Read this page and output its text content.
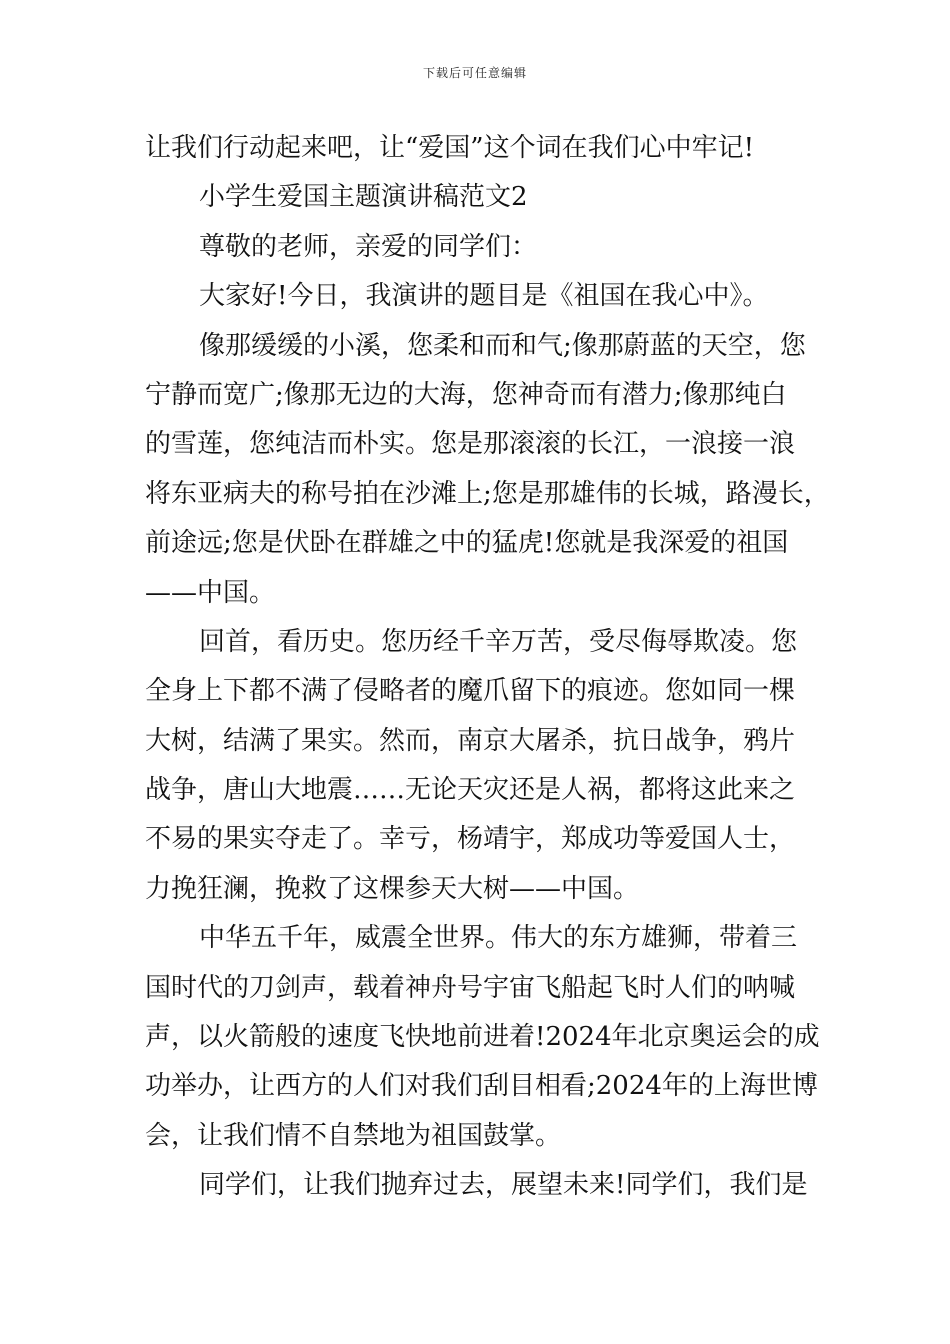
下载后可任意编辑
让我们行动起来吧，让“爱国”这个词在我们心中牢记!
小学生爱国主题演讲稿范文2
尊敬的老师，亲爱的同学们：
大家好!今日，我演讲的题目是《祖国在我心中》。
像那缓缓的小溪，您柔和而和气;像那蔚蓝的天空，您
宁静而宽广;像那无边的大海，您神奇而有潜力;像那纯白
的雪莲，您纯洁而朴实。您是那滚滚的长江，一浪接一浪
将东亚病夫的称号拍在沙滩上;您是那雄伟的长城，路漫长，
前途远;您是伏卧在群雄之中的猛虎!您就是我深爱的祖国
——中国。
回首，看历史。您历经千辛万苦，受尽侮辱欺凌。您
全身上下都不满了侵略者的魔爪留下的痕迹。您如同一棵
大树，结满了果实。然而，南京大屠杀，抗日战争，鸦片
战争，唐山大地震……无论天灾还是人祸，都将这此来之
不易的果实夺走了。幸亏，杨靖宇，郑成功等爱国人士，
力挽狂澜，挽救了这棵参天大树——中国。
中华五千年，威震全世界。伟大的东方雄狮，带着三
国时代的刀剑声，载着神舟号宇宙飞船起飞时人们的呐喊
声，以火箭般的速度飞快地前进着!2024年北京奥运会的成
功举办，让西方的人们对我们刮目相看;2024年的上海世博
会，让我们情不自禁地为祖国鼓掌。
同学们，让我们抛弃过去，展望未来!同学们，我们是
